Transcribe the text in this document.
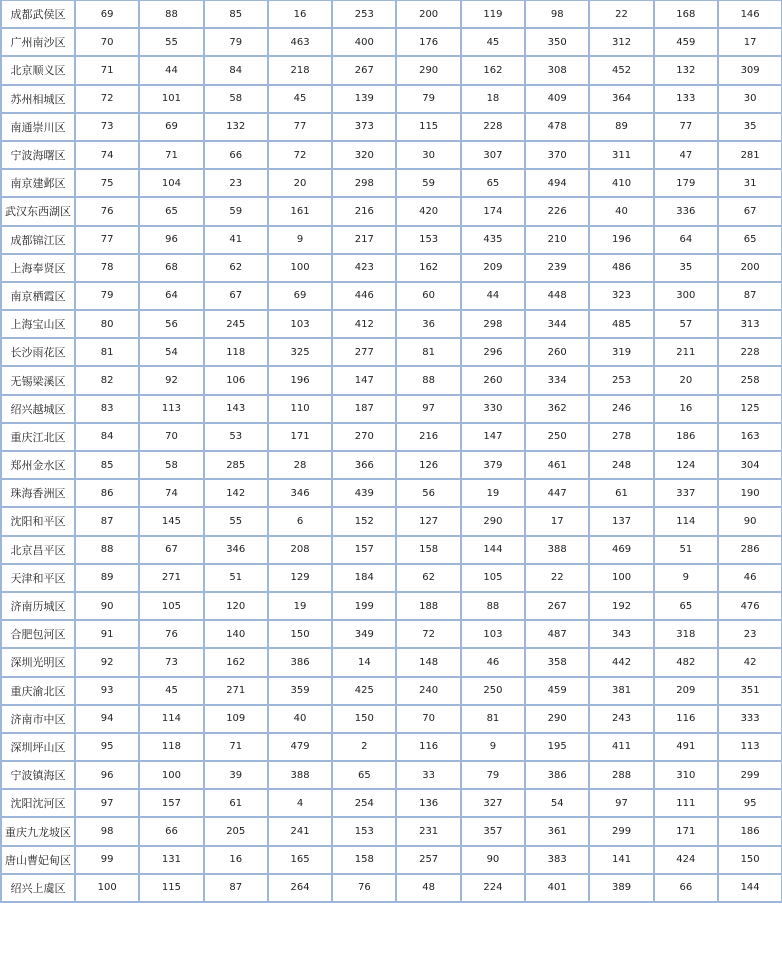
成都武侯区	69	88	85	16	253	200	119	98	22	168	146
广州南沙区	70	55	79	463	400	176	45	350	312	459	17
北京顺义区	71	44	84	218	267	290	162	308	452	132	309
苏州相城区	72	101	58	45	139	79	18	409	364	133	30
南通崇川区	73	69	132	77	373	115	228	478	89	77	35
宁波海曙区	74	71	66	72	320	30	307	370	311	47	281
南京建邺区	75	104	23	20	298	59	65	494	410	179	31
武汉东西湖区	76	65	59	161	216	420	174	226	40	336	67
成都锦江区	77	96	41	9	217	153	435	210	196	64	65
上海奉贤区	78	68	62	100	423	162	209	239	486	35	200
南京栖霞区	79	64	67	69	446	60	44	448	323	300	87
上海宝山区	80	56	245	103	412	36	298	344	485	57	313
长沙雨花区	81	54	118	325	277	81	296	260	319	211	228
无锡梁溪区	82	92	106	196	147	88	260	334	253	20	258
绍兴越城区	83	113	143	110	187	97	330	362	246	16	125
重庆江北区	84	70	53	171	270	216	147	250	278	186	163
郑州金水区	85	58	285	28	366	126	379	461	248	124	304
珠海香洲区	86	74	142	346	439	56	19	447	61	337	190
沈阳和平区	87	145	55	6	152	127	290	17	137	114	90
北京昌平区	88	67	346	208	157	158	144	388	469	51	286
天津和平区	89	271	51	129	184	62	105	22	100	9	46
济南历城区	90	105	120	19	199	188	88	267	192	65	476
合肥包河区	91	76	140	150	349	72	103	487	343	318	23
深圳光明区	92	73	162	386	14	148	46	358	442	482	42
重庆渝北区	93	45	271	359	425	240	250	459	381	209	351
济南市中区	94	114	109	40	150	70	81	290	243	116	333
深圳坪山区	95	118	71	479	2	116	9	195	411	491	113
宁波镇海区	96	100	39	388	65	33	79	386	288	310	299
沈阳沈河区	97	157	61	4	254	136	327	54	97	111	95
重庆九龙坡区	98	66	205	241	153	231	357	361	299	171	186
唐山曹妃甸区	99	131	16	165	158	257	90	383	141	424	150
绍兴上虞区	100	115	87	264	76	48	224	401	389	66	144
